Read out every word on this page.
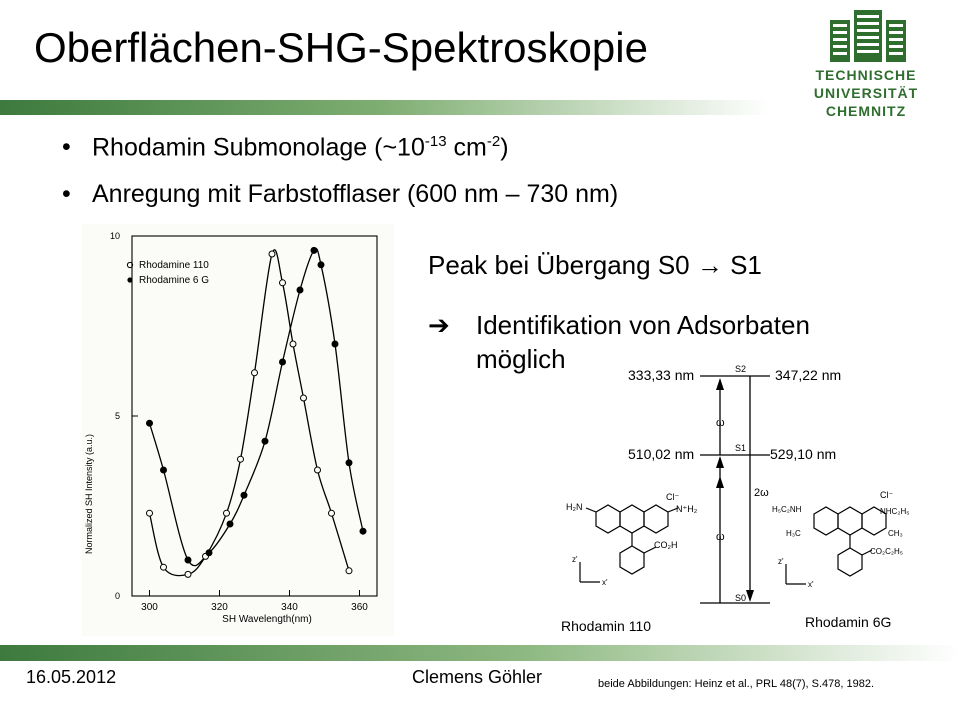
Oberflächen-SHG-Spektroskopie
TECHNISCHE UNIVERSITÄT
CHEMNITZ
• Rhodamin Submonolage ($\sim 10^{-13}$ $cm^{-2}$)
• Anregung mit Farbstofflaser (600 nm – 730 nm)
300	320	340	360
0
5
10
Normalized SH Intensity (a.u.)
SH Wavelength(nm)
Rhodamine 110
Rhodamine 6 G
Peak bei Übergang S0 → S1
➔ Identifikation von Adsorbaten
möglich	S2
S1
S0
ω
ω
2ω
333,33 nm	347,22 nm
510,02 nm	529,10 nm
H₂N
Cl⁻
N⁺H₂
CO₂H
z'
x'
H₅C₂NH
Cl⁻
NHC₂H₅
H₃C	CH₃
CO₂C₂H₅
z'
x'
Rhodamin 110	Rhodamin 6G
16.05.2012	Clemens Göhler	beide Abbildungen: Heinz et al., PRL 48(7), S.478, 1982.
